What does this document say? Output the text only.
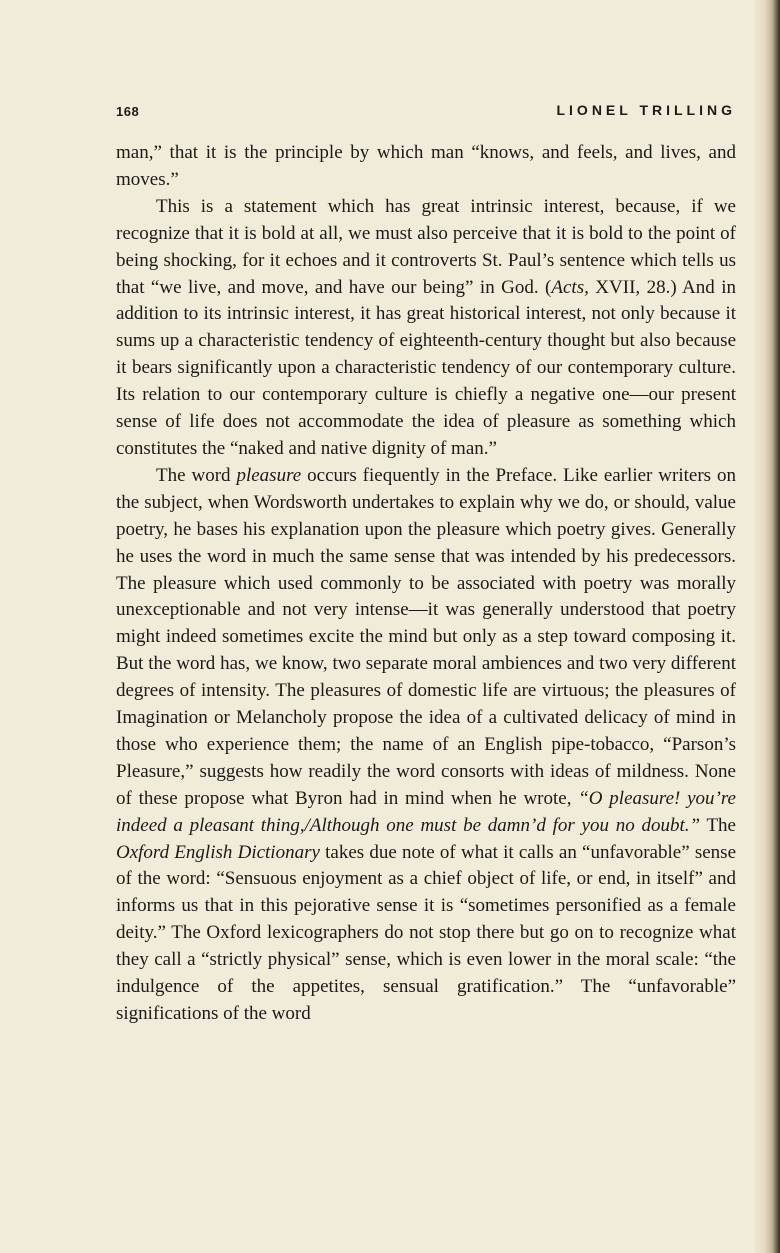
168	LIONEL TRILLING

man,” that it is the principle by which man “knows, and feels, and lives, and moves.”

This is a statement which has great intrinsic interest, because, if we recognize that it is bold at all, we must also perceive that it is bold to the point of being shocking, for it echoes and it controverts St. Paul’s sentence which tells us that “we live, and move, and have our being” in God. (Acts, XVII, 28.) And in addition to its intrinsic interest, it has great historical interest, not only because it sums up a characteristic tendency of eighteenth-century thought but also because it bears significantly upon a characteristic tendency of our contemporary culture. Its relation to our contemporary culture is chiefly a negative one—our present sense of life does not accommodate the idea of pleasure as something which constitutes the “naked and native dignity of man.”

The word pleasure occurs fiequently in the Preface. Like earlier writers on the subject, when Wordsworth undertakes to explain why we do, or should, value poetry, he bases his explanation upon the pleasure which poetry gives. Generally he uses the word in much the same sense that was intended by his predecessors. The pleasure which used commonly to be associated with poetry was morally unexceptionable and not very intense—it was generally understood that poetry might indeed sometimes excite the mind but only as a step toward composing it. But the word has, we know, two separate moral ambiences and two very different degrees of intensity. The pleasures of domestic life are virtuous; the pleasures of Imagination or Melancholy propose the idea of a cultivated delicacy of mind in those who experience them; the name of an English pipe-tobacco, “Parson’s Pleasure,” suggests how readily the word consorts with ideas of mildness. None of these propose what Byron had in mind when he wrote, “O pleasure! you’re indeed a pleasant thing,/Although one must be damn’d for you no doubt.” The Oxford English Dictionary takes due note of what it calls an “unfavorable” sense of the word: “Sensuous enjoyment as a chief object of life, or end, in itself” and informs us that in this pejorative sense it is “sometimes personified as a female deity.” The Oxford lexicographers do not stop there but go on to recognize what they call a “strictly physical” sense, which is even lower in the moral scale: “the indulgence of the appetites, sensual gratification.” The “unfavorable” significations of the word
